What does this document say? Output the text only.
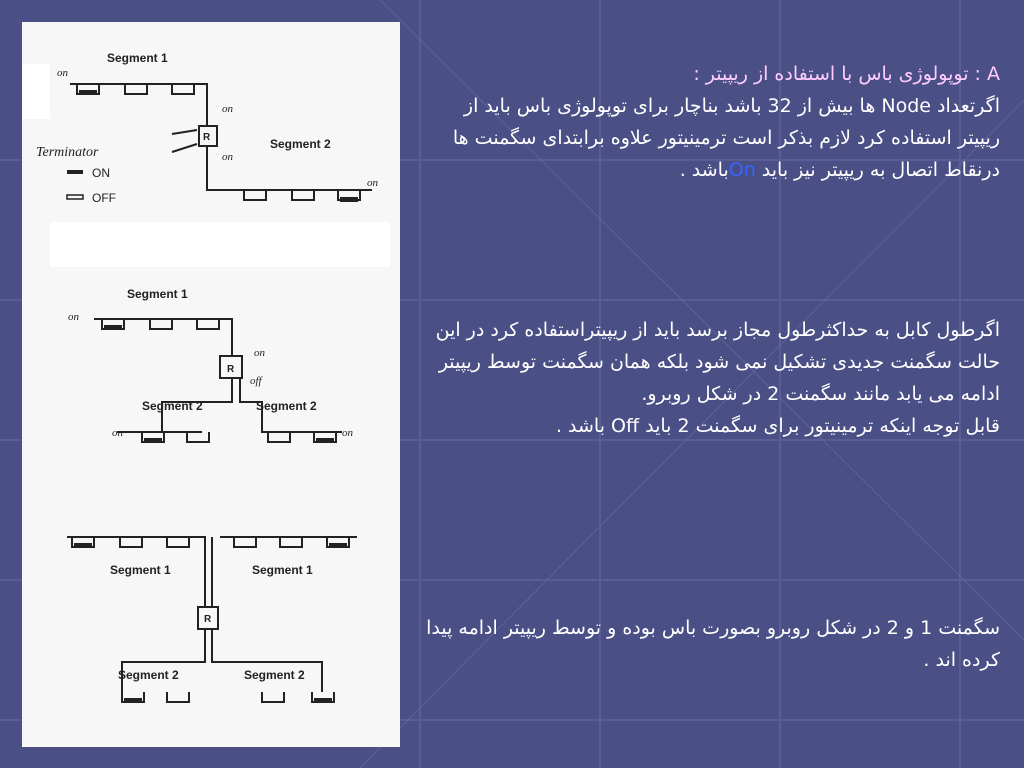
Segment 1
Segment 2
R
on
on
on
on
Terminator
ON
OFF
Segment 1
Segment 2	Segment 2
R
on
on
off
on	on
Segment 1	Segment 1
Segment 2	Segment 2
R

A : توپولوژی باس با استفاده از ریپیتر :

اگرتعداد Node ها بیش از 32 باشد بناچار برای توپولوژی باس باید از ریپیتر استفاده کرد لازم بذکر است ترمینیتور علاوه برابتدای سگمنت ها درنقاط اتصال به ریپیتر نیز باید Onباشد .

اگرطول کابل به حداکثرطول مجاز برسد باید از ریپیتراستفاده کرد در این حالت سگمنت جدیدی تشکیل نمی شود بلکه همان سگمنت توسط ریپیتر ادامه می یابد مانند سگمنت 2 در شکل روبرو.

قابل توجه اینکه ترمینیتور برای سگمنت 2 باید Off باشد .

سگمنت 1 و 2 در شکل روبرو بصورت باس بوده و توسط ریپیتر ادامه پیدا کرده اند .
